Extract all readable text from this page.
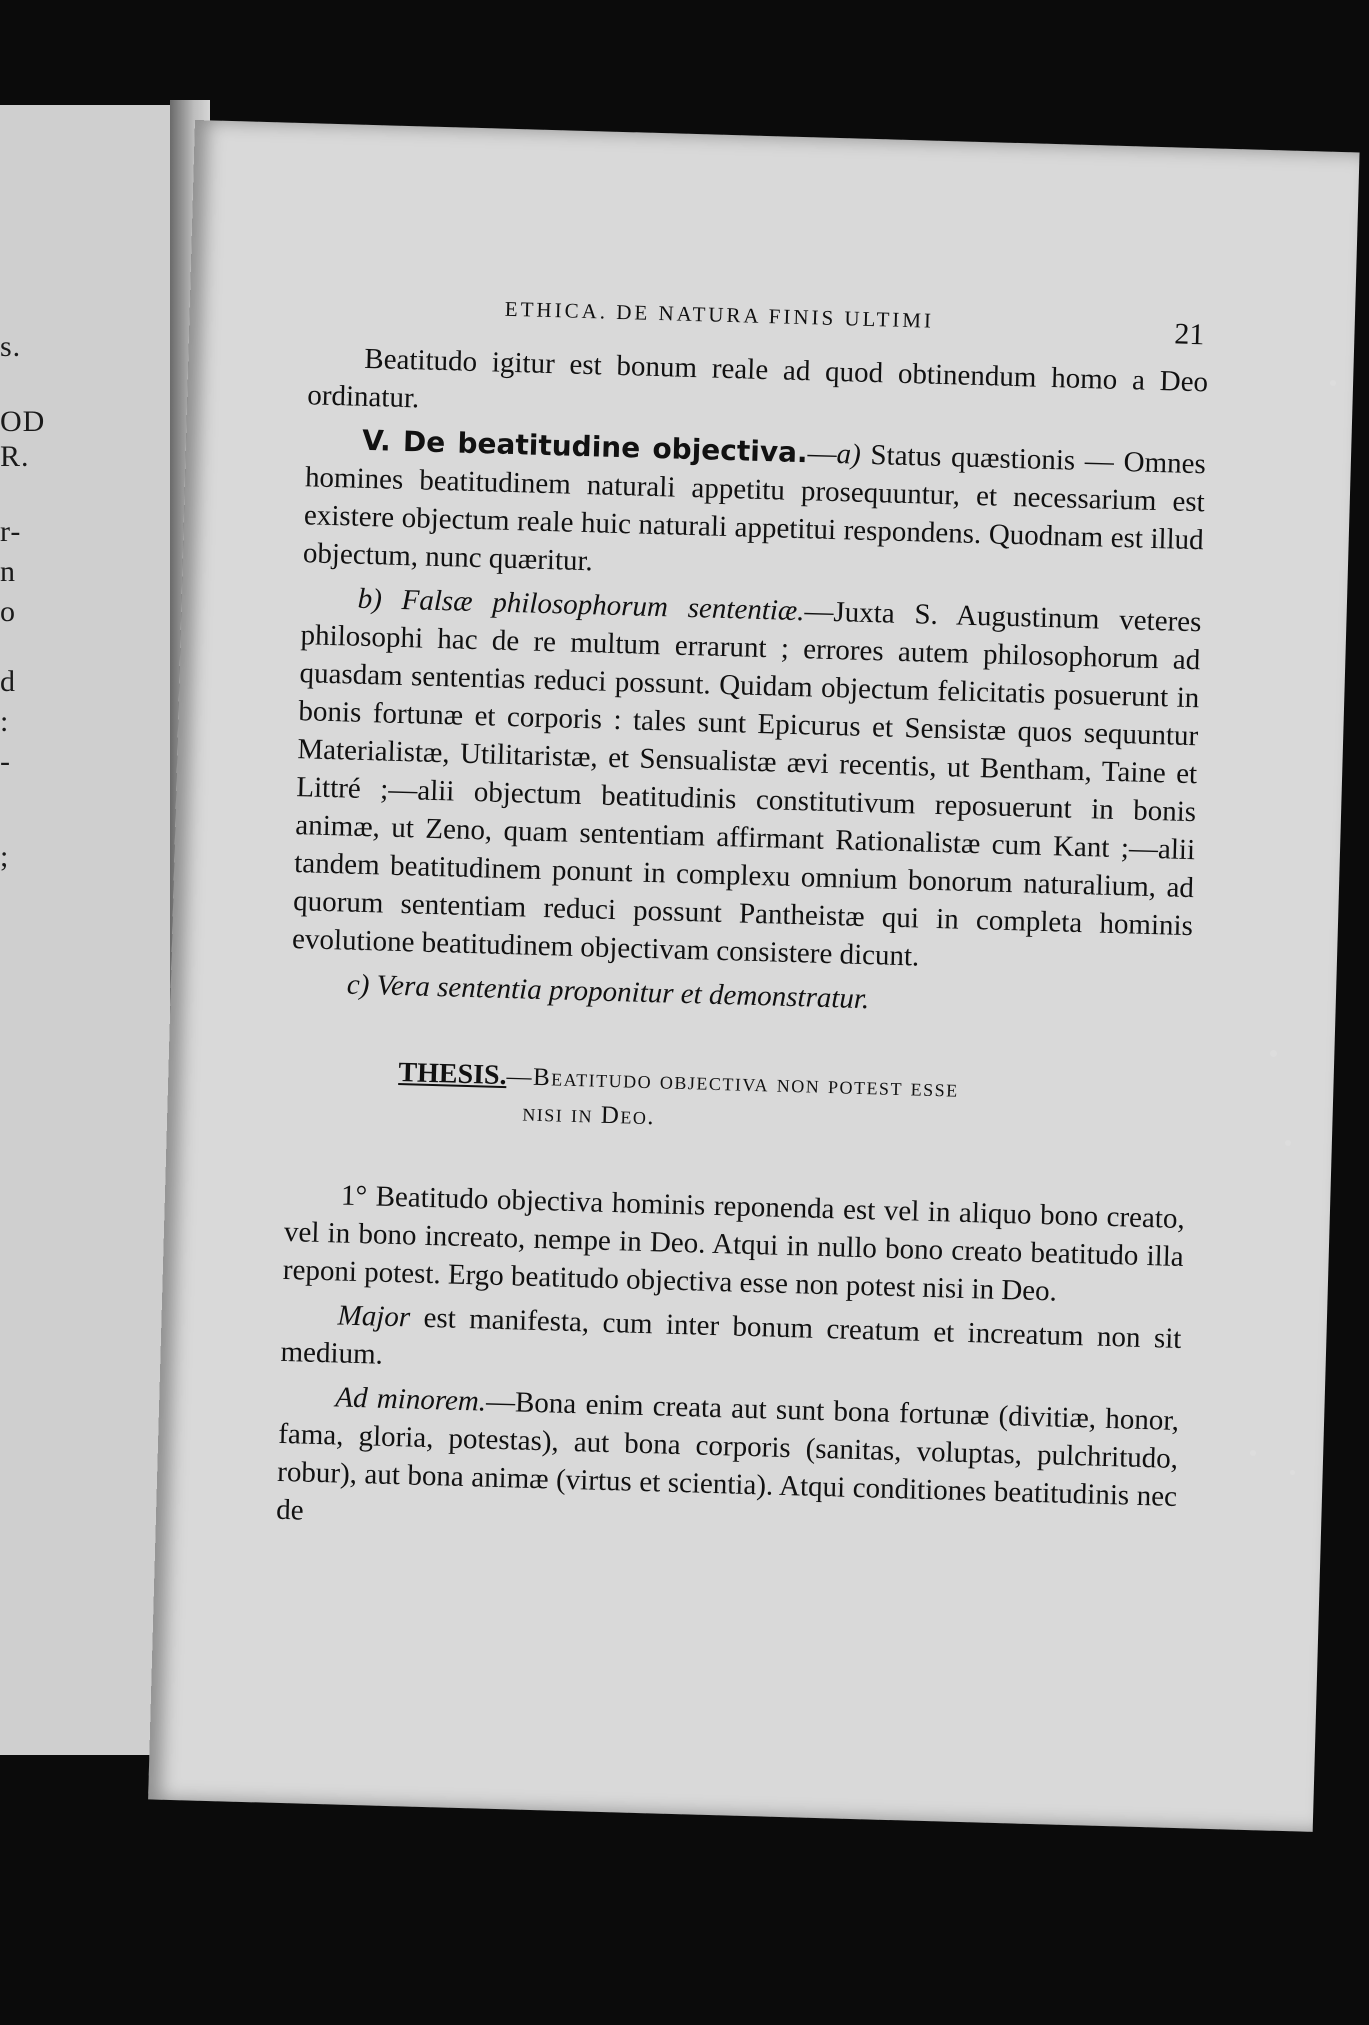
s.
OD
R.
r-
n
o
d
:
-
;
ETHICA. DE NATURA FINIS ULTIMI
21

Beatitudo igitur est bonum reale ad quod obtinendum homo a Deo ordinatur.

V. De beatitudine objectiva.—a) Status quæstionis — Omnes homines beatitudinem naturali appetitu prosequuntur, et necessarium est existere objectum reale huic naturali appetitui respondens. Quodnam est illud objectum, nunc quæritur.

b) Falsæ philosophorum sententiæ.—Juxta S. Augustinum veteres philosophi hac de re multum errarunt ; errores autem philosophorum ad quasdam sententias reduci possunt. Quidam objectum felicitatis posuerunt in bonis fortunæ et corporis : tales sunt Epicurus et Sensistæ quos sequuntur Materialistæ, Utilitaristæ, et Sensualistæ ævi recentis, ut Bentham, Taine et Littré ;—alii objectum beatitudinis constitutivum reposuerunt in bonis animæ, ut Zeno, quam sententiam affirmant Rationalistæ cum Kant ;—alii tandem beatitudinem ponunt in complexu omnium bonorum naturalium, ad quorum sententiam reduci possunt Pantheistæ qui in completa hominis evolutione beatitudinem objectivam consistere dicunt.

c) Vera sententia proponitur et demonstratur.

THESIS.—Beatitudo objectiva non potest esse
nisi in Deo.

1° Beatitudo objectiva hominis reponenda est vel in aliquo bono creato, vel in bono increato, nempe in Deo. Atqui in nullo bono creato beatitudo illa reponi potest. Ergo beatitudo objectiva esse non potest nisi in Deo.

Major est manifesta, cum inter bonum creatum et increatum non sit medium.

Ad minorem.—Bona enim creata aut sunt bona fortunæ (divitiæ, honor, fama, gloria, potestas), aut bona corporis (sanitas, voluptas, pulchritudo, robur), aut bona animæ (virtus et scientia). Atqui conditiones beatitudinis nec de
